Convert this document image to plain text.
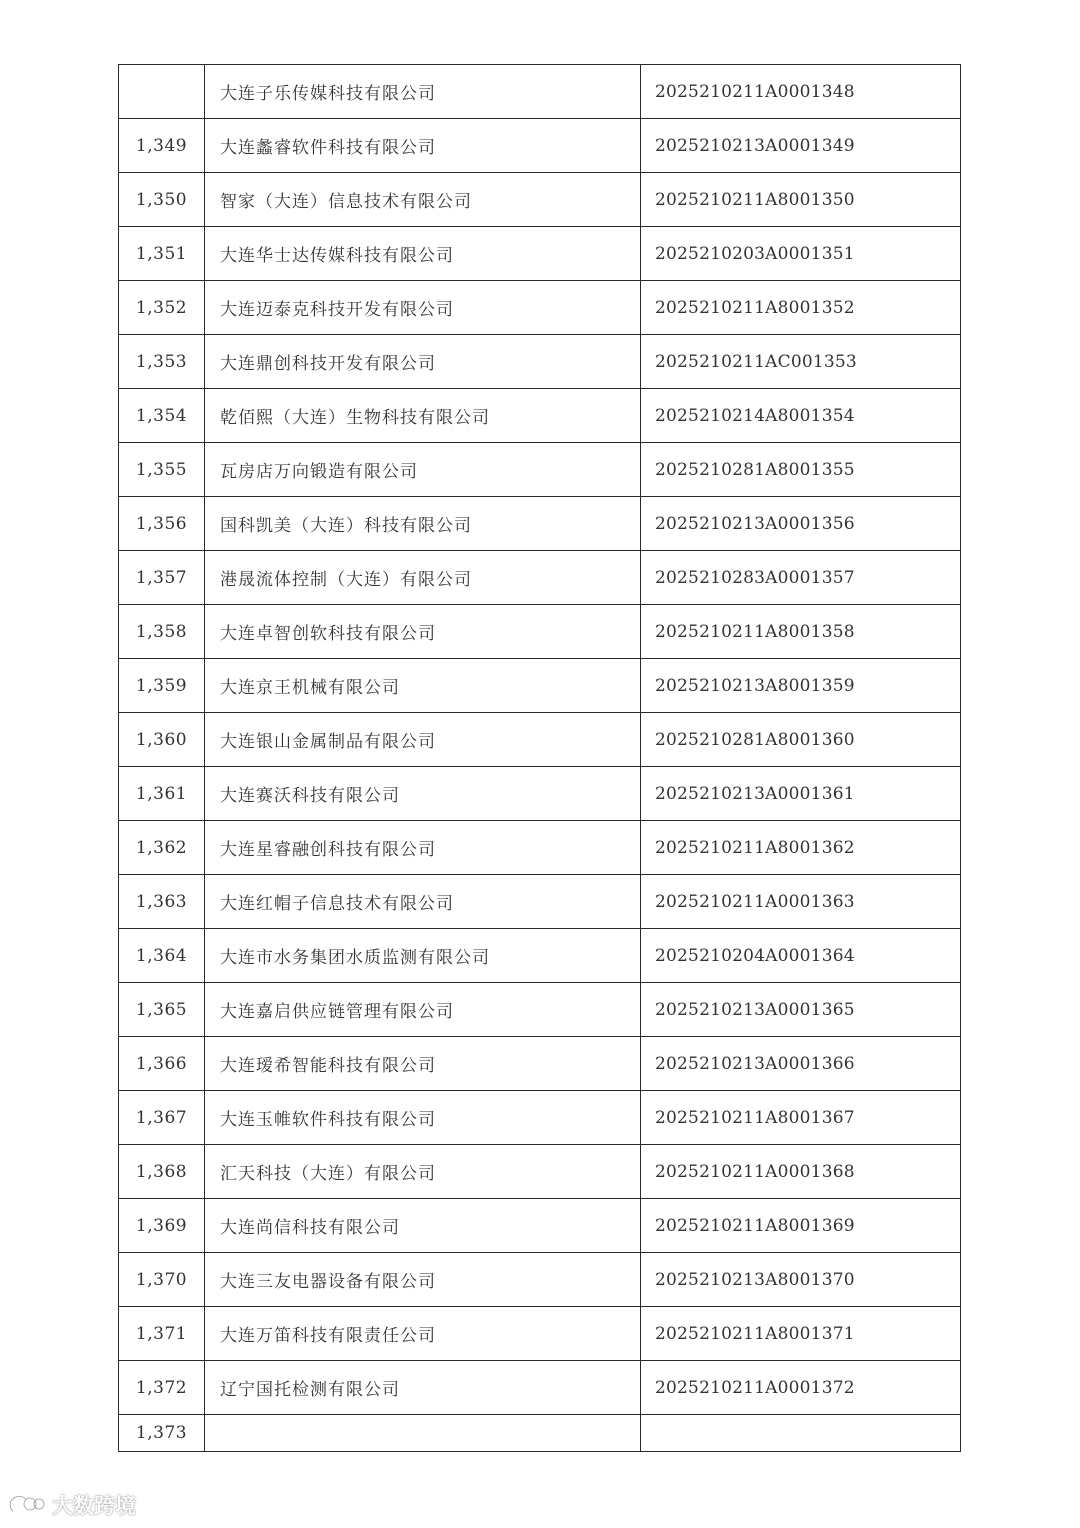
	大连子乐传媒科技有限公司	2025210211A0001348
1,349	大连蠡睿软件科技有限公司	2025210213A0001349
1,350	智家（大连）信息技术有限公司	2025210211A8001350
1,351	大连华士达传媒科技有限公司	2025210203A0001351
1,352	大连迈泰克科技开发有限公司	2025210211A8001352
1,353	大连鼎创科技开发有限公司	2025210211AC001353
1,354	乾佰熙（大连）生物科技有限公司	2025210214A8001354
1,355	瓦房店万向锻造有限公司	2025210281A8001355
1,356	国科凯美（大连）科技有限公司	2025210213A0001356
1,357	港晟流体控制（大连）有限公司	2025210283A0001357
1,358	大连卓智创软科技有限公司	2025210211A8001358
1,359	大连京王机械有限公司	2025210213A8001359
1,360	大连银山金属制品有限公司	2025210281A8001360
1,361	大连赛沃科技有限公司	2025210213A0001361
1,362	大连星睿融创科技有限公司	2025210211A8001362
1,363	大连红帽子信息技术有限公司	2025210211A0001363
1,364	大连市水务集团水质监测有限公司	2025210204A0001364
1,365	大连嘉启供应链管理有限公司	2025210213A0001365
1,366	大连瑷希智能科技有限公司	2025210213A0001366
1,367	大连玉帷软件科技有限公司	2025210211A8001367
1,368	汇天科技（大连）有限公司	2025210211A0001368
1,369	大连尚信科技有限公司	2025210211A8001369
1,370	大连三友电器设备有限公司	2025210213A8001370
1,371	大连万笛科技有限责任公司	2025210211A8001371
1,372	辽宁国托检测有限公司	2025210211A0001372
1,373		
大数跨境
